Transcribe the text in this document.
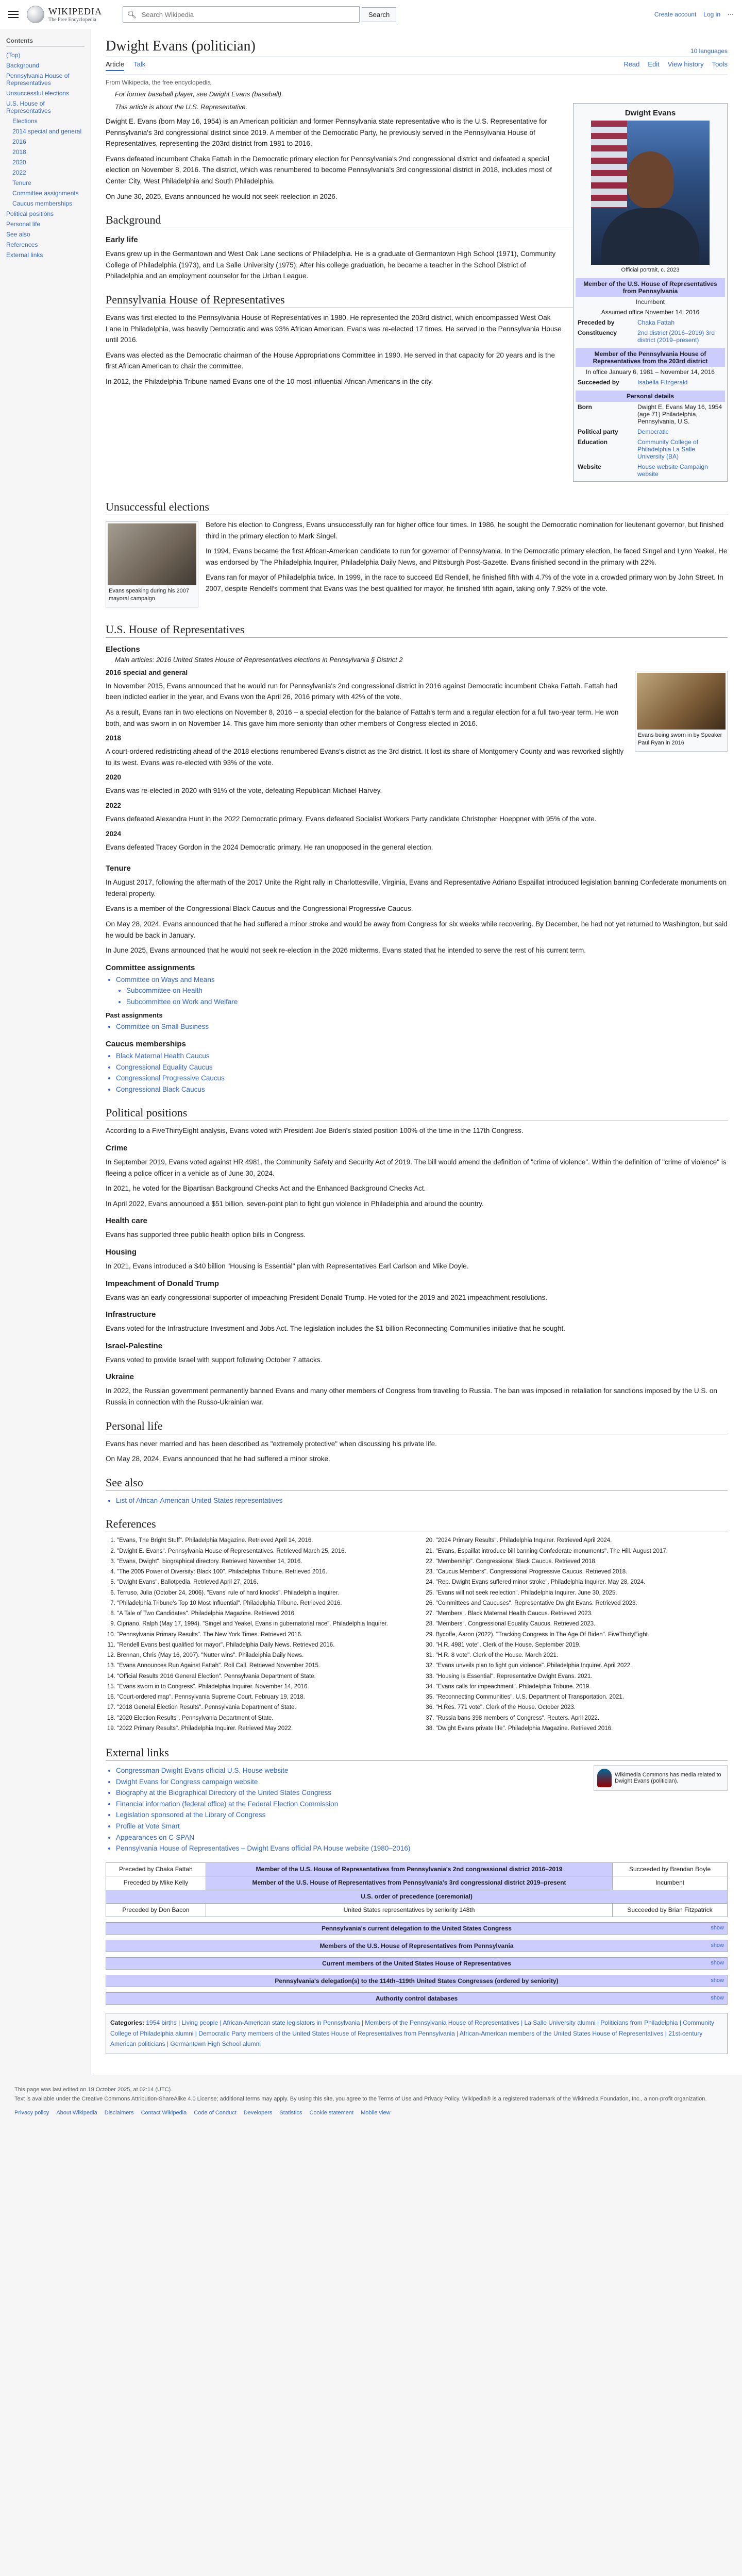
WIKIPEDIA
The Free Encyclopedia
🔍︎
Search Wikipedia	Search	Create account Log in ⋯
Contents
(Top)
Background
Pennsylvania House of Representatives
Unsuccessful elections
U.S. House of Representatives
Elections
2014 special and general
2016
2018
2020
2022
Tenure
Committee assignments
Caucus memberships
Political positions
Personal life
See also
References
External links
Dwight Evans (politician)	10 languages
Article Talk	Read Edit View history Tools
From Wikipedia, the free encyclopedia
For former baseball player, see Dwight Evans (baseball).
Dwight Evans
Official portrait, c. 2023
Member of the U.S. House of Representatives from Pennsylvania
Incumbent
Assumed office November 14, 2016
Preceded by	Chaka Fattah
Constituency	2nd district (2016–2019) 3rd district (2019–present)
Member of the Pennsylvania House of Representatives from the 203rd district
In office January 6, 1981 – November 14, 2016
Succeeded by	Isabella Fitzgerald
Personal details
Born	Dwight E. Evans May 16, 1954 (age 71) Philadelphia, Pennsylvania, U.S.
Political party	Democratic
Education	Community College of Philadelphia La Salle University (BA)
Website	House website Campaign website
This article is about the U.S. Representative.

Dwight E. Evans (born May 16, 1954) is an American politician and former Pennsylvania state representative who is the U.S. Representative for Pennsylvania's 3rd congressional district since 2019. A member of the Democratic Party, he previously served in the Pennsylvania House of Representatives, representing the 203rd district from 1981 to 2016.

Evans defeated incumbent Chaka Fattah in the Democratic primary election for Pennsylvania's 2nd congressional district and defeated a special election on November 8, 2016. The district, which was renumbered to become Pennsylvania's 3rd congressional district in 2018, includes most of Center City, West Philadelphia and South Philadelphia.

On June 30, 2025, Evans announced he would not seek reelection in 2026.

Background
Early life

Evans grew up in the Germantown and West Oak Lane sections of Philadelphia. He is a graduate of Germantown High School (1971), Community College of Philadelphia (1973), and La Salle University (1975). After his college graduation, he became a teacher in the School District of Philadelphia and an employment counselor for the Urban League.

Pennsylvania House of Representatives

Evans was first elected to the Pennsylvania House of Representatives in 1980. He represented the 203rd district, which encompassed West Oak Lane in Philadelphia, was heavily Democratic and was 93% African American. Evans was re-elected 17 times. He served in the Pennsylvania House until 2016.

Evans was elected as the Democratic chairman of the House Appropriations Committee in 1990. He served in that capacity for 20 years and is the first African American to chair the committee.

In 2012, the Philadelphia Tribune named Evans one of the 10 most influential African Americans in the city.

Unsuccessful elections
Evans speaking during his 2007 mayoral campaign

Before his election to Congress, Evans unsuccessfully ran for higher office four times. In 1986, he sought the Democratic nomination for lieutenant governor, but finished third in the primary election to Mark Singel.

In 1994, Evans became the first African-American candidate to run for governor of Pennsylvania. In the Democratic primary election, he faced Singel and Lynn Yeakel. He was endorsed by The Philadelphia Inquirer, Philadelphia Daily News, and Pittsburgh Post-Gazette. Evans finished second in the primary with 22%.

Evans ran for mayor of Philadelphia twice. In 1999, in the race to succeed Ed Rendell, he finished fifth with 4.7% of the vote in a crowded primary won by John Street. In 2007, despite Rendell's comment that Evans was the best qualified for mayor, he finished fifth again, taking only 7.92% of the vote.

U.S. House of Representatives
Elections
Main articles: 2016 United States House of Representatives elections in Pennsylvania § District 2
Evans being sworn in by Speaker Paul Ryan in 2016
2016 special and general

In November 2015, Evans announced that he would run for Pennsylvania's 2nd congressional district in 2016 against Democratic incumbent Chaka Fattah. Fattah had been indicted earlier in the year, and Evans won the April 26, 2016 primary with 42% of the vote.

As a result, Evans ran in two elections on November 8, 2016 – a special election for the balance of Fattah's term and a regular election for a full two-year term. He won both, and was sworn in on November 14. This gave him more seniority than other members of Congress elected in 2016.

2018

A court-ordered redistricting ahead of the 2018 elections renumbered Evans's district as the 3rd district. It lost its share of Montgomery County and was reworked slightly to its west. Evans was re-elected with 93% of the vote.

2020

Evans was re-elected in 2020 with 91% of the vote, defeating Republican Michael Harvey.

2022

Evans defeated Alexandra Hunt in the 2022 Democratic primary. Evans defeated Socialist Workers Party candidate Christopher Hoeppner with 95% of the vote.

2024

Evans defeated Tracey Gordon in the 2024 Democratic primary. He ran unopposed in the general election.

Tenure

In August 2017, following the aftermath of the 2017 Unite the Right rally in Charlottesville, Virginia, Evans and Representative Adriano Espaillat introduced legislation banning Confederate monuments on federal property.

Evans is a member of the Congressional Black Caucus and the Congressional Progressive Caucus.

On May 28, 2024, Evans announced that he had suffered a minor stroke and would be away from Congress for six weeks while recovering. By December, he had not yet returned to Washington, but said he would be back in January.

In June 2025, Evans announced that he would not seek re-election in the 2026 midterms. Evans stated that he intended to serve the rest of his current term.

Committee assignments
• Committee on Ways and Means
• Subcommittee on Health
• Subcommittee on Work and Welfare
Past assignments
• Committee on Small Business
Caucus memberships
• Black Maternal Health Caucus
• Congressional Equality Caucus
• Congressional Progressive Caucus
• Congressional Black Caucus
Political positions

According to a FiveThirtyEight analysis, Evans voted with President Joe Biden's stated position 100% of the time in the 117th Congress.

Crime

In September 2019, Evans voted against HR 4981, the Community Safety and Security Act of 2019. The bill would amend the definition of "crime of violence". Within the definition of "crime of violence" is fleeing a police officer in a vehicle as of June 30, 2024.

In 2021, he voted for the Bipartisan Background Checks Act and the Enhanced Background Checks Act.

In April 2022, Evans announced a $51 billion, seven-point plan to fight gun violence in Philadelphia and around the country.

Health care

Evans has supported three public health option bills in Congress.

Housing

In 2021, Evans introduced a $40 billion "Housing is Essential" plan with Representatives Earl Carlson and Mike Doyle.

Impeachment of Donald Trump

Evans was an early congressional supporter of impeaching President Donald Trump. He voted for the 2019 and 2021 impeachment resolutions.

Infrastructure

Evans voted for the Infrastructure Investment and Jobs Act. The legislation includes the $1 billion Reconnecting Communities initiative that he sought.

Israel-Palestine

Evans voted to provide Israel with support following October 7 attacks.

Ukraine

In 2022, the Russian government permanently banned Evans and many other members of Congress from traveling to Russia. The ban was imposed in retaliation for sanctions imposed by the U.S. on Russia in connection with the Russo-Ukrainian war.

Personal life

Evans has never married and has been described as "extremely protective" when discussing his private life.

On May 28, 2024, Evans announced that he had suffered a minor stroke.

See also
• List of African-American United States representatives
References
1. "Evans, The Bright Stuff". Philadelphia Magazine. Retrieved April 14, 2016.
2. "Dwight E. Evans". Pennsylvania House of Representatives. Retrieved March 25, 2016.
3. "Evans, Dwight". biographical directory. Retrieved November 14, 2016.
4. "The 2005 Power of Diversity: Black 100". Philadelphia Tribune. Retrieved 2016.
5. "Dwight Evans". Ballotpedia. Retrieved April 27, 2016.
6. Terruso, Julia (October 24, 2006). "Evans' rule of hard knocks". Philadelphia Inquirer.
7. "Philadelphia Tribune's Top 10 Most Influential". Philadelphia Tribune. Retrieved 2016.
8. "A Tale of Two Candidates". Philadelphia Magazine. Retrieved 2016.
9. Cipriano, Ralph (May 17, 1994). "Singel and Yeakel, Evans in gubernatorial race". Philadelphia Inquirer.
10. "Pennsylvania Primary Results". The New York Times. Retrieved 2016.
11. "Rendell Evans best qualified for mayor". Philadelphia Daily News. Retrieved 2016.
12. Brennan, Chris (May 16, 2007). "Nutter wins". Philadelphia Daily News.
13. "Evans Announces Run Against Fattah". Roll Call. Retrieved November 2015.
14. "Official Results 2016 General Election". Pennsylvania Department of State.
15. "Evans sworn in to Congress". Philadelphia Inquirer. November 14, 2016.
16. "Court-ordered map". Pennsylvania Supreme Court. February 19, 2018.
17. "2018 General Election Results". Pennsylvania Department of State.
18. "2020 Election Results". Pennsylvania Department of State.
19. "2022 Primary Results". Philadelphia Inquirer. Retrieved May 2022.
20. "2024 Primary Results". Philadelphia Inquirer. Retrieved April 2024.
21. "Evans, Espaillat introduce bill banning Confederate monuments". The Hill. August 2017.
22. "Membership". Congressional Black Caucus. Retrieved 2018.
23. "Caucus Members". Congressional Progressive Caucus. Retrieved 2018.
24. "Rep. Dwight Evans suffered minor stroke". Philadelphia Inquirer. May 28, 2024.
25. "Evans will not seek reelection". Philadelphia Inquirer. June 30, 2025.
26. "Committees and Caucuses". Representative Dwight Evans. Retrieved 2023.
27. "Members". Black Maternal Health Caucus. Retrieved 2023.
28. "Members". Congressional Equality Caucus. Retrieved 2023.
29. Bycoffe, Aaron (2022). "Tracking Congress In The Age Of Biden". FiveThirtyEight.
30. "H.R. 4981 vote". Clerk of the House. September 2019.
31. "H.R. 8 vote". Clerk of the House. March 2021.
32. "Evans unveils plan to fight gun violence". Philadelphia Inquirer. April 2022.
33. "Housing is Essential". Representative Dwight Evans. 2021.
34. "Evans calls for impeachment". Philadelphia Tribune. 2019.
35. "Reconnecting Communities". U.S. Department of Transportation. 2021.
36. "H.Res. 771 vote". Clerk of the House. October 2023.
37. "Russia bans 398 members of Congress". Reuters. April 2022.
38. "Dwight Evans private life". Philadelphia Magazine. Retrieved 2016.
External links
Wikimedia Commons has media related to Dwight Evans (politician).
• Congressman Dwight Evans official U.S. House website
• Dwight Evans for Congress campaign website
• Biography at the Biographical Directory of the United States Congress
• Financial information (federal office) at the Federal Election Commission
• Legislation sponsored at the Library of Congress
• Profile at Vote Smart
• Appearances on C-SPAN
• Pennsylvania House of Representatives – Dwight Evans official PA House website (1980–2016)
Preceded by Chaka Fattah	Member of the U.S. House of Representatives from Pennsylvania's 2nd congressional district 2016–2019	Succeeded by Brendan Boyle
Preceded by Mike Kelly	Member of the U.S. House of Representatives from Pennsylvania's 3rd congressional district 2019–present	Incumbent
U.S. order of precedence (ceremonial)		
Preceded by Don Bacon	United States representatives by seniority 148th	Succeeded by Brian Fitzpatrick
Pennsylvania's current delegation to the United States Congress	show
Members of the U.S. House of Representatives from Pennsylvania	show
Current members of the United States House of Representatives	show
Pennsylvania's delegation(s) to the 114th–119th United States Congresses (ordered by seniority)	show
Authority control databases	show
Categories: 1954 births | Living people | African-American state legislators in Pennsylvania | Members of the Pennsylvania House of Representatives | La Salle University alumni | Politicians from Philadelphia | Community College of Philadelphia alumni | Democratic Party members of the United States House of Representatives from Pennsylvania | African-American members of the United States House of Representatives | 21st-century American politicians | Germantown High School alumni
This page was last edited on 19 October 2025, at 02:14 (UTC).
Text is available under the Creative Commons Attribution-ShareAlike 4.0 License; additional terms may apply. By using this site, you agree to the Terms of Use and Privacy Policy. Wikipedia® is a registered trademark of the Wikimedia Foundation, Inc., a non-profit organization.
Privacy policy About Wikipedia Disclaimers Contact Wikipedia Code of Conduct Developers Statistics Cookie statement Mobile view
